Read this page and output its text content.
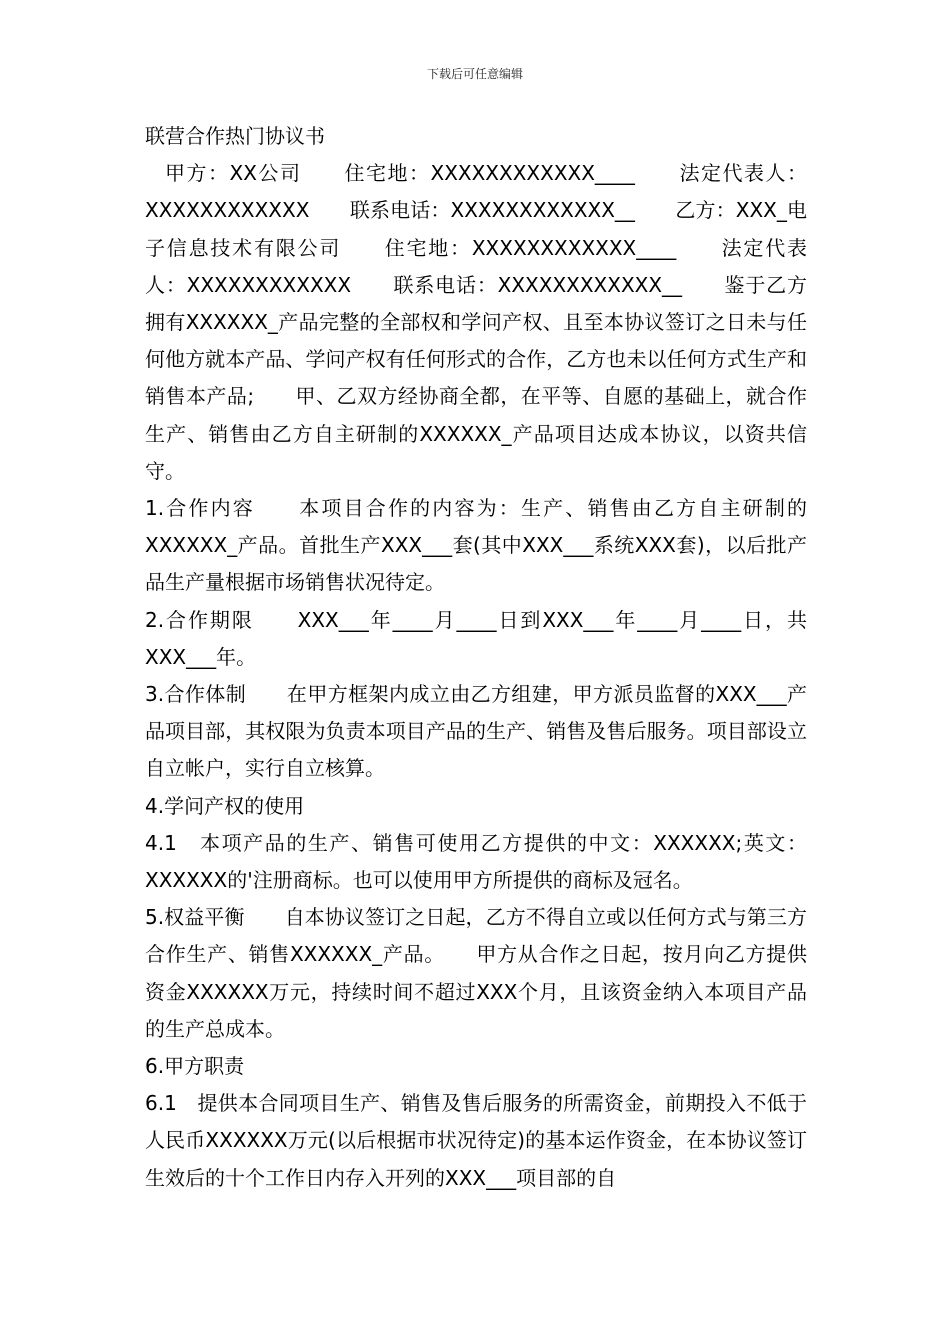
下载后可任意编辑
联营合作热门协议书

甲方：XX公司　　住宅地：XXXXXXXXXXXX____　　法定代表人：XXXXXXXXXXXX　　联系电话：XXXXXXXXXXXX__　　乙方：XXX_电子信息技术有限公司　　住宅地：XXXXXXXXXXXX____　　法定代表人：XXXXXXXXXXXX　　联系电话：XXXXXXXXXXXX__　　鉴于乙方拥有XXXXXX_产品完整的全部权和学问产权、且至本协议签订之日未与任何他方就本产品、学问产权有任何形式的合作，乙方也未以任何方式生产和销售本产品;　　甲、乙双方经协商全都，在平等、自愿的基础上，就合作生产、销售由乙方自主研制的XXXXXX_产品项目达成本协议，以资共信守。

1.合作内容　　本项目合作的内容为：生产、销售由乙方自主研制的XXXXXX_产品。首批生产XXX___套(其中XXX___系统XXX套)，以后批产品生产量根据市场销售状况待定。

2.合作期限　　XXX___年____月____日到XXX___年____月____日，共XXX___年。

3.合作体制　　在甲方框架内成立由乙方组建，甲方派员监督的XXX___产品项目部，其权限为负责本项目产品的生产、销售及售后服务。项目部设立自立帐户，实行自立核算。

4.学问产权的使用

4.1　本项产品的生产、销售可使用乙方提供的中文：XXXXXX;英文：XXXXXX的'注册商标。也可以使用甲方所提供的商标及冠名。

5.权益平衡　　自本协议签订之日起，乙方不得自立或以任何方式与第三方合作生产、销售XXXXXX_产品。　　甲方从合作之日起，按月向乙方提供资金XXXXXX万元，持续时间不超过XXX个月，且该资金纳入本项目产品的生产总成本。

6.甲方职责

6.1　提供本合同项目生产、销售及售后服务的所需资金，前期投入不低于人民币XXXXXX万元(以后根据市状况待定)的基本运作资金，在本协议签订生效后的十个工作日内存入开列的XXX___项目部的自
